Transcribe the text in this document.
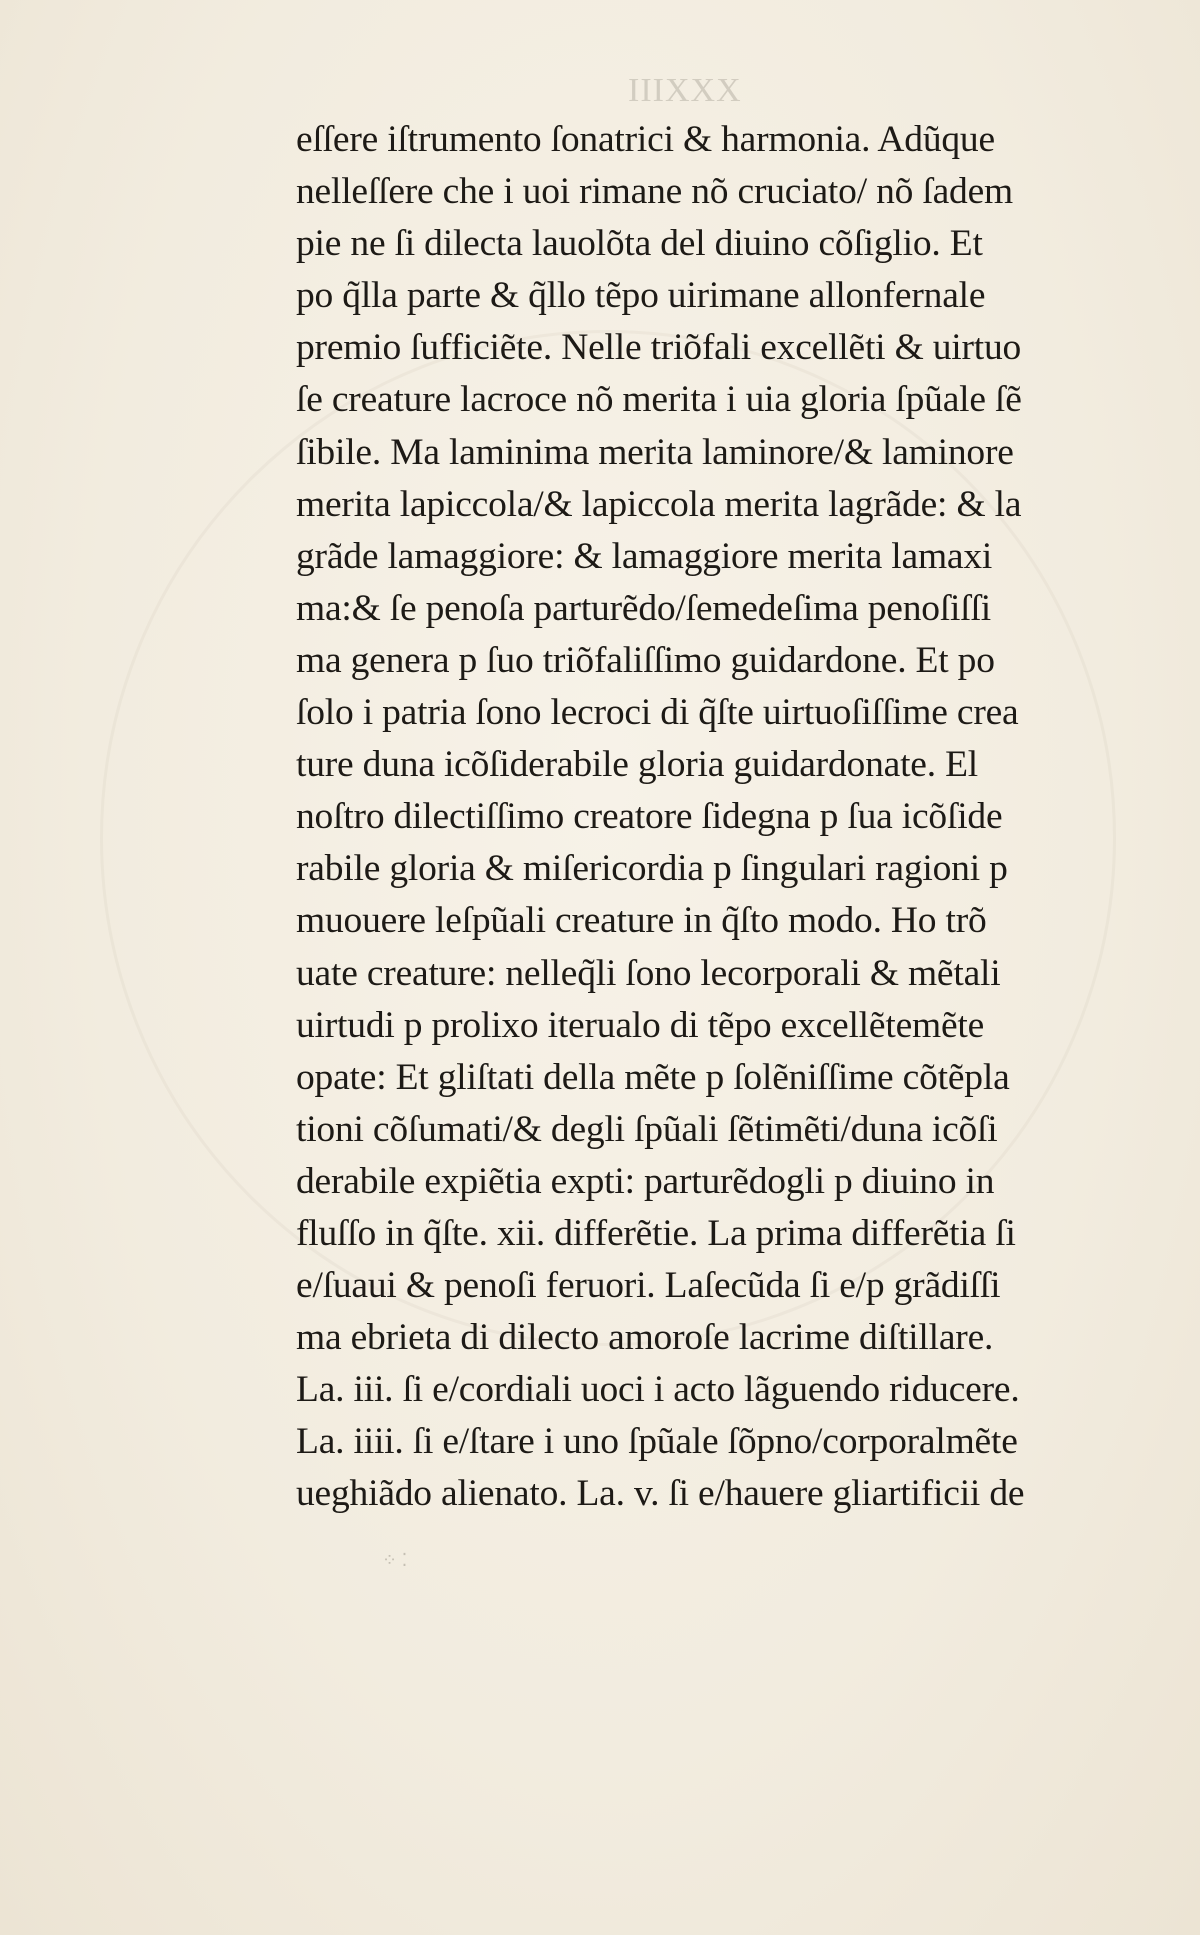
IIIXXX
eſſere iſtrumento ſonatrici & harmonia. Adũque
nelleſſere che i uoi rimane nõ cruciato/ nõ ſadem
pie ne ſi dilecta lauolõta del diuino cõſiglio. Et
po q̃lla parte & q̃llo tẽpo uirimane allonfernale
premio ſufficiẽte. Nelle triõfali excellẽti & uirtuo
ſe creature lacroce nõ merita i uia gloria ſpũale ſẽ
ſibile. Ma laminima merita laminore/& laminore
merita lapiccola/& lapiccola merita lagrãde: & la
grãde lamaggiore: & lamaggiore merita lamaxi
ma:& ſe penoſa parturẽdo/ſemedeſima penoſiſſi
ma genera p ſuo triõfaliſſimo guidardone. Et po
ſolo i patria ſono lecroci di q̃ſte uirtuoſiſſime crea
ture duna icõſiderabile gloria guidardonate. El
noſtro dilectiſſimo creatore ſidegna p ſua icõſide
rabile gloria & miſericordia p ſingulari ragioni p
muouere leſpũali creature in q̃ſto modo. Ho trõ
uate creature: nelleq̃li ſono lecorporali & mẽtali
uirtudi p prolixo iterualo di tẽpo excellẽtemẽte
opate: Et gliſtati della mẽte p ſolẽniſſime cõtẽpla
tioni cõſumati/& degli ſpũali ſẽtimẽti/duna icõſi
derabile expiẽtia expti: parturẽdogli p diuino in
fluſſo in q̃ſte. xii. differẽtie. La prima differẽtia ſi
e/ſuaui & penoſi feruori. Laſecũda ſi e/p grãdiſſi
ma ebrieta di dilecto amoroſe lacrime diſtillare.
La. iii. ſi e/cordiali uoci i acto lãguendo riducere.
La. iiii. ſi e/ſtare i uno ſpũale ſõpno/corporalmẽte
ueghiãdo alienato. La. v. ſi e/hauere gliartificii de
⁘ ⁚
